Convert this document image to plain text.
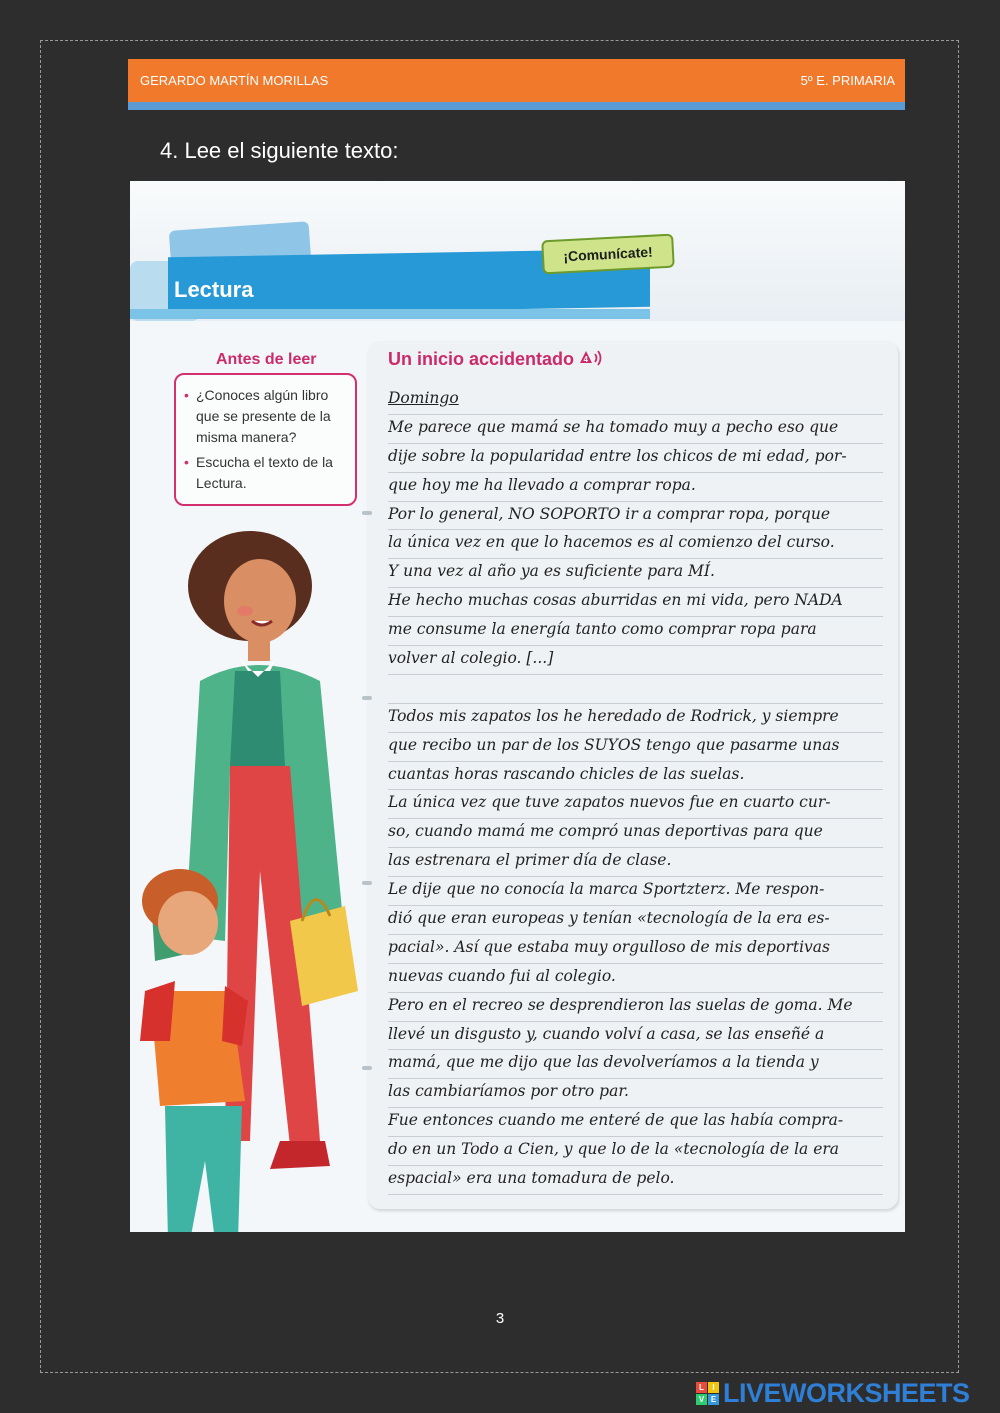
GERARDO MARTÍN MORILLAS	5º E. PRIMARIA
4. Lee el siguiente texto:
Lectura
¡Comunícate!
Antes de leer
• ¿Conoces algún libro que se presente de la misma manera?
• Escucha el texto de la Lectura.
Un inicio accidentado 4
Domingo
Me parece que mamá se ha tomado muy a pecho eso que
dije sobre la popularidad entre los chicos de mi edad, por-
que hoy me ha llevado a comprar ropa.
Por lo general, NO SOPORTO ir a comprar ropa, porque
la única vez en que lo hacemos es al comienzo del curso.
Y una vez al año ya es suficiente para MÍ.
He hecho muchas cosas aburridas en mi vida, pero NADA
me consume la energía tanto como comprar ropa para
volver al colegio. [...]
Todos mis zapatos los he heredado de Rodrick, y siempre
que recibo un par de los SUYOS tengo que pasarme unas
cuantas horas rascando chicles de las suelas.
La única vez que tuve zapatos nuevos fue en cuarto cur-
so, cuando mamá me compró unas deportivas para que
las estrenara el primer día de clase.
Le dije que no conocía la marca Sportzterz. Me respon-
dió que eran europeas y tenían «tecnología de la era es-
pacial». Así que estaba muy orgulloso de mis deportivas
nuevas cuando fui al colegio.
Pero en el recreo se desprendieron las suelas de goma. Me
llevé un disgusto y, cuando volví a casa, se las enseñé a
mamá, que me dijo que las devolveríamos a la tienda y
las cambiaríamos por otro par.
Fue entonces cuando me enteré de que las había compra-
do en un Todo a Cien, y que lo de la «tecnología de la era
espacial» era una tomadura de pelo.
3
L	I
V E LIVEWORKSHEETS
